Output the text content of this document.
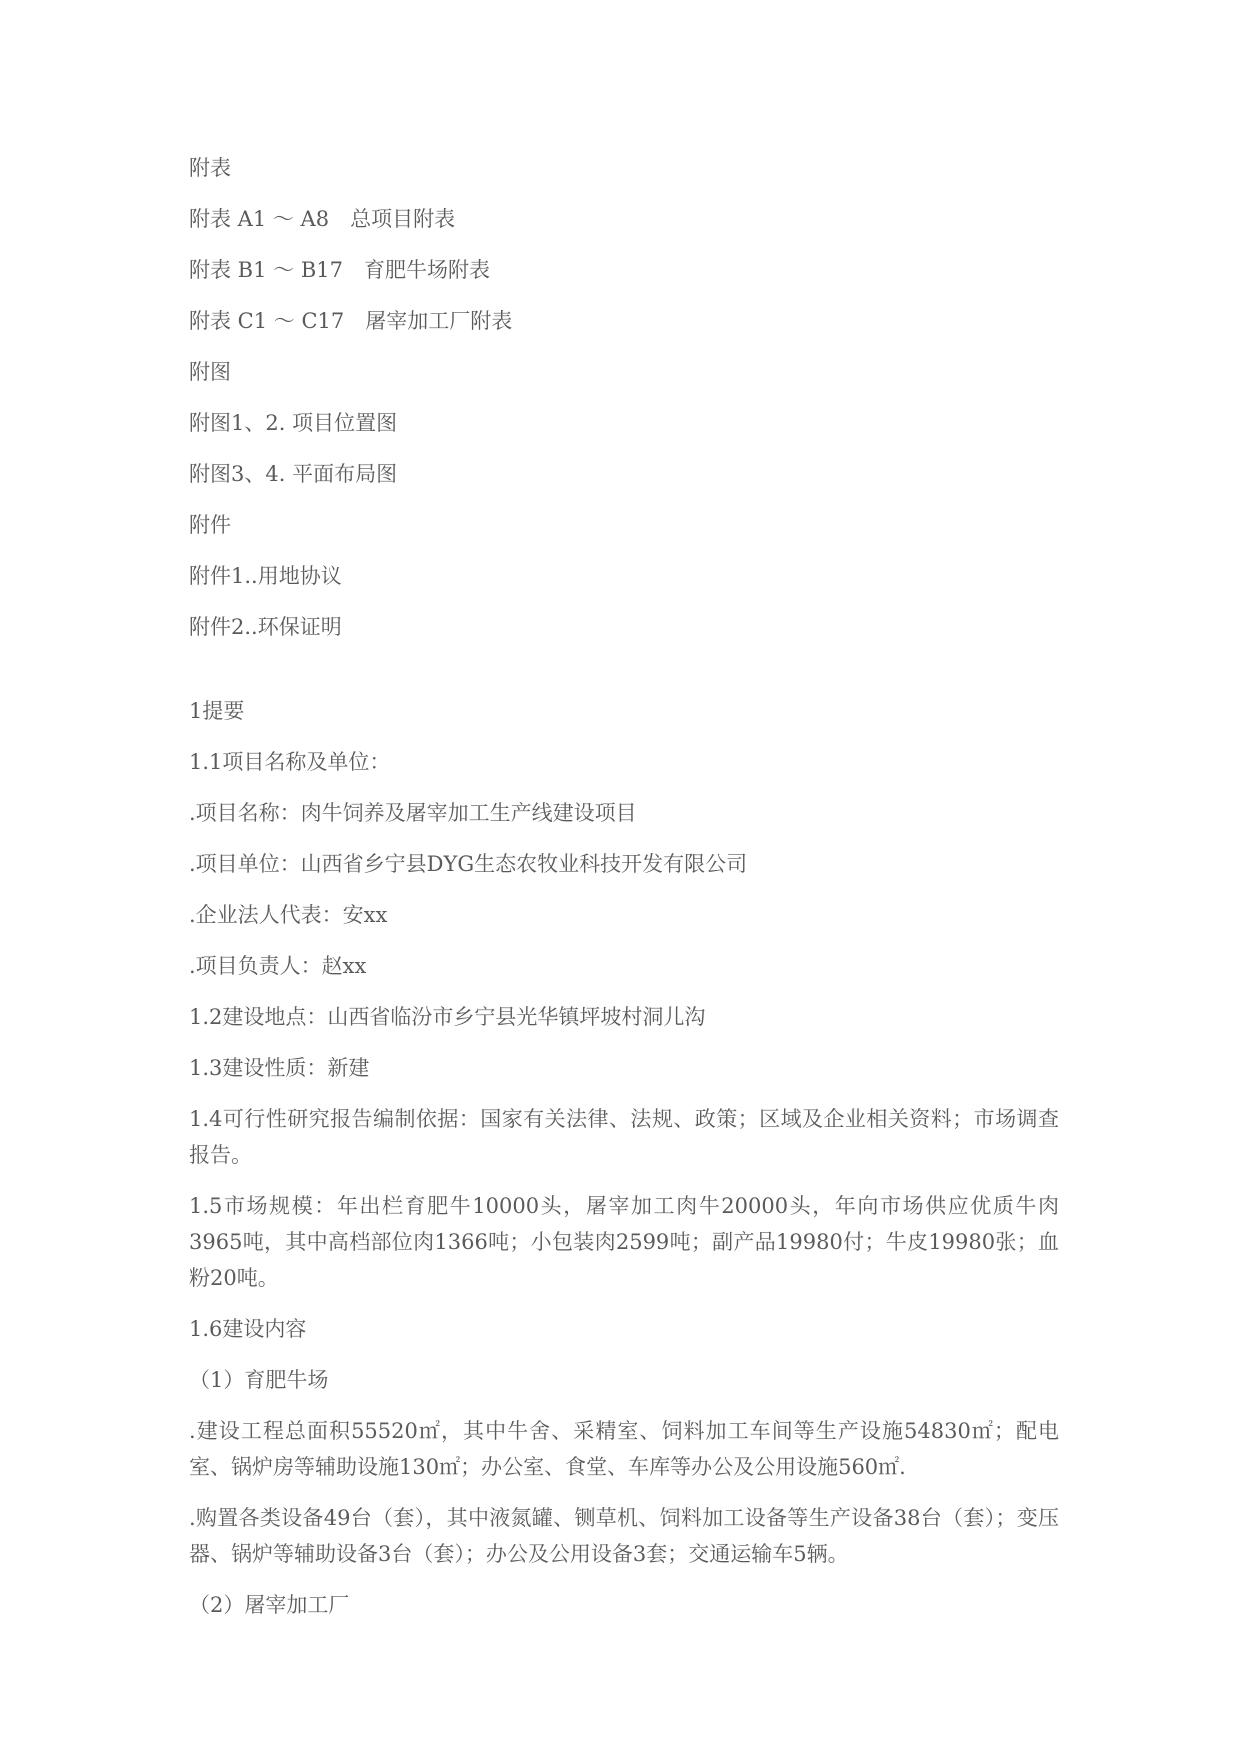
附表
附表 A1 ～ A8　总项目附表
附表 B1 ～ B17　育肥牛场附表
附表 C1 ～ C17　屠宰加工厂附表
附图
附图1、2. 项目位置图
附图3、4. 平面布局图
附件
附件1..用地协议
附件2..环保证明
1提要
1.1项目名称及单位：
.项目名称：肉牛饲养及屠宰加工生产线建设项目
.项目单位：山西省乡宁县DYG生态农牧业科技开发有限公司
.企业法人代表：安xx
.项目负责人：赵xx
1.2建设地点：山西省临汾市乡宁县光华镇坪坡村洞儿沟
1.3建设性质：新建
1.4可行性研究报告编制依据：国家有关法律、法规、政策；区域及企业相关资料；市场调查报告。
1.5市场规模：年出栏育肥牛10000头，屠宰加工肉牛20000头，年向市场供应优质牛肉3965吨，其中高档部位肉1366吨；小包装肉2599吨；副产品19980付；牛皮19980张；血粉20吨。
1.6建设内容
（1）育肥牛场
.建设工程总面积55520㎡，其中牛舍、采精室、饲料加工车间等生产设施54830㎡；配电室、锅炉房等辅助设施130㎡；办公室、食堂、车库等办公及公用设施560㎡.
.购置各类设备49台（套），其中液氮罐、铡草机、饲料加工设备等生产设备38台（套）；变压器、锅炉等辅助设备3台（套）；办公及公用设备3套；交通运输车5辆。
（2）屠宰加工厂
